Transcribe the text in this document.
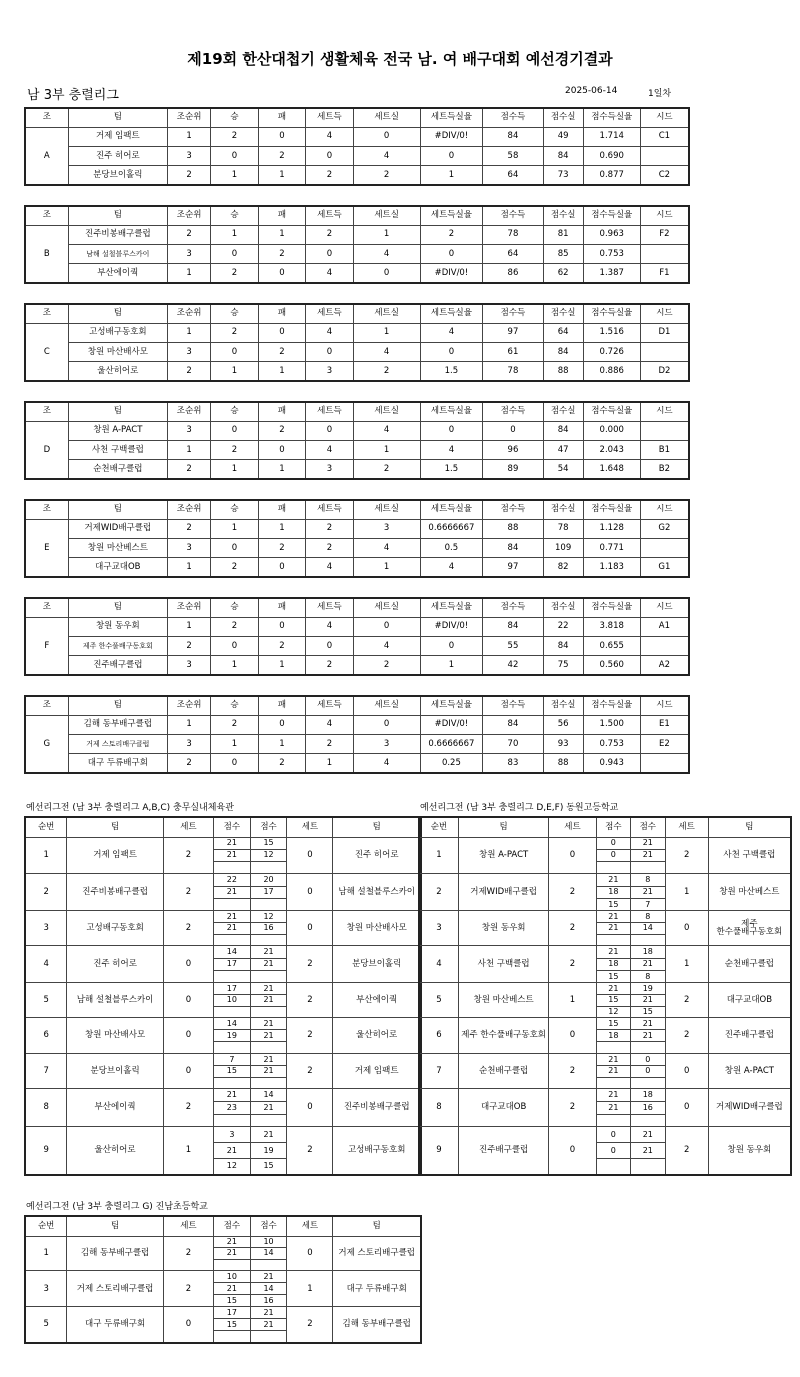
제19회 한산대첩기 생활체육 전국 남. 여 배구대회 예선경기결과
남 3부 충렬리그	2025-06-14	1일차
조	팀	조순위	승	패	세트득	세트실	세트득실율	점수득	점수실	점수득실율	시드
A	거제 임팩트	1	2	0	4	0	#DIV/0!	84	49	1.714	C1
	진주 히어로	3	0	2	0	4	0	58	84	0.690	
	분당브이홀릭	2	1	1	2	2	1	64	73	0.877	C2
조	팀	조순위	승	패	세트득	세트실	세트득실율	점수득	점수실	점수득실율	시드
B	진주비봉배구클럽	2	1	1	2	1	2	78	81	0.963	F2
	남해 설철블루스카이	3	0	2	0	4	0	64	85	0.753	
	부산에이쿽	1	2	0	4	0	#DIV/0!	86	62	1.387	F1
조	팀	조순위	승	패	세트득	세트실	세트득실율	점수득	점수실	점수득실율	시드
C	고성배구동호회	1	2	0	4	1	4	97	64	1.516	D1
	창원 마산배사모	3	0	2	0	4	0	61	84	0.726	
	울산히어로	2	1	1	3	2	1.5	78	88	0.886	D2
조	팀	조순위	승	패	세트득	세트실	세트득실율	점수득	점수실	점수득실율	시드
D	창원 A-PACT	3	0	2	0	4	0	0	84	0.000	
	사천 구백클럽	1	2	0	4	1	4	96	47	2.043	B1
	순천배구클럽	2	1	1	3	2	1.5	89	54	1.648	B2
조	팀	조순위	승	패	세트득	세트실	세트득실율	점수득	점수실	점수득실율	시드
E	거제WID배구클럽	2	1	1	2	3	0.6666667	88	78	1.128	G2
	창원 마산베스트	3	0	2	2	4	0.5	84	109	0.771	
	대구교대OB	1	2	0	4	1	4	97	82	1.183	G1
조	팀	조순위	승	패	세트득	세트실	세트득실율	점수득	점수실	점수득실율	시드
F	창원 동우회	1	2	0	4	0	#DIV/0!	84	22	3.818	A1
	제주 한수풀배구동호회	2	0	2	0	4	0	55	84	0.655	
	진주배구클럽	3	1	1	2	2	1	42	75	0.560	A2
조	팀	조순위	승	패	세트득	세트실	세트득실율	점수득	점수실	점수득실율	시드
G	김해 동부배구클럽	1	2	0	4	0	#DIV/0!	84	56	1.500	E1
	거제 스토리배구클럽	3	1	1	2	3	0.6666667	70	93	0.753	E2
	대구 두류배구회	2	0	2	1	4	0.25	83	88	0.943	
예선리그전 (남 3부 충렬리그 A,B,C) 충무실내체육관	예선리그전 (남 3부 충렬리그 D,E,F) 동원고등학교
예선리그전 (남 3부 충렬리그 G) 진남초등학교
순번	팀	세트	점수	점수	세트	팀
1	거제 임팩트	2	21	15	0	진주 히어로
			21	12		

2	진주비봉배구클럽	2	22	20	0	남해 설철블루스카이
			21	17		

3	고성배구동호회	2	21	12	0	창원 마산배사모
			21	16		

4	진주 히어로	0	14	21	2	분당브이홀릭
			17	21		

5	남해 설철블루스카이	0	17	21	2	부산에이쿽
			10	21		

6	창원 마산배사모	0	14	21	2	울산히어로
			19	21		

7	분당브이홀릭	0	7	21	2	거제 임팩트
			15	21		

8	부산에이쿽	2	21	14	0	진주비봉배구클럽
			23	21		

9	울산히어로	1	3	21	2	고성배구동호회
			21	19		
			12	15		
순번	팀	세트	점수	점수	세트	팀
1	창원 A-PACT	0	0	21	2	사천 구백클럽
			0	21		

2	거제WID배구클럽	2	21	8	1	창원 마산베스트
			18	21		
			15	7		
3	창원 동우회	2	21	8	0	제주 한수풀배구동호회
			21	14		

4	사천 구백클럽	2	21	18	1	순천배구클럽
			18	21		
			15	8		
5	창원 마산베스트	1	21	19	2	대구교대OB
			15	21		
			12	15		
6	제주 한수풀배구동호회	0	15	21	2	진주배구클럽
			18	21		

7	순천배구클럽	2	21	0	0	창원 A-PACT
			21	0		

8	대구교대OB	2	21	18	0	거제WID배구클럽
			21	16		

9	진주배구클럽	0	0	21	2	창원 동우회
			0	21		

순번	팀	세트	점수	점수	세트	팀
1	김해 동부배구클럽	2	21	10	0	거제 스토리배구클럽
			21	14		

3	거제 스토리배구클럽	2	10	21	1	대구 두류배구회
			21	14		
			15	16		
5	대구 두류배구회	0	17	21	2	김해 동부배구클럽
			15	21		
